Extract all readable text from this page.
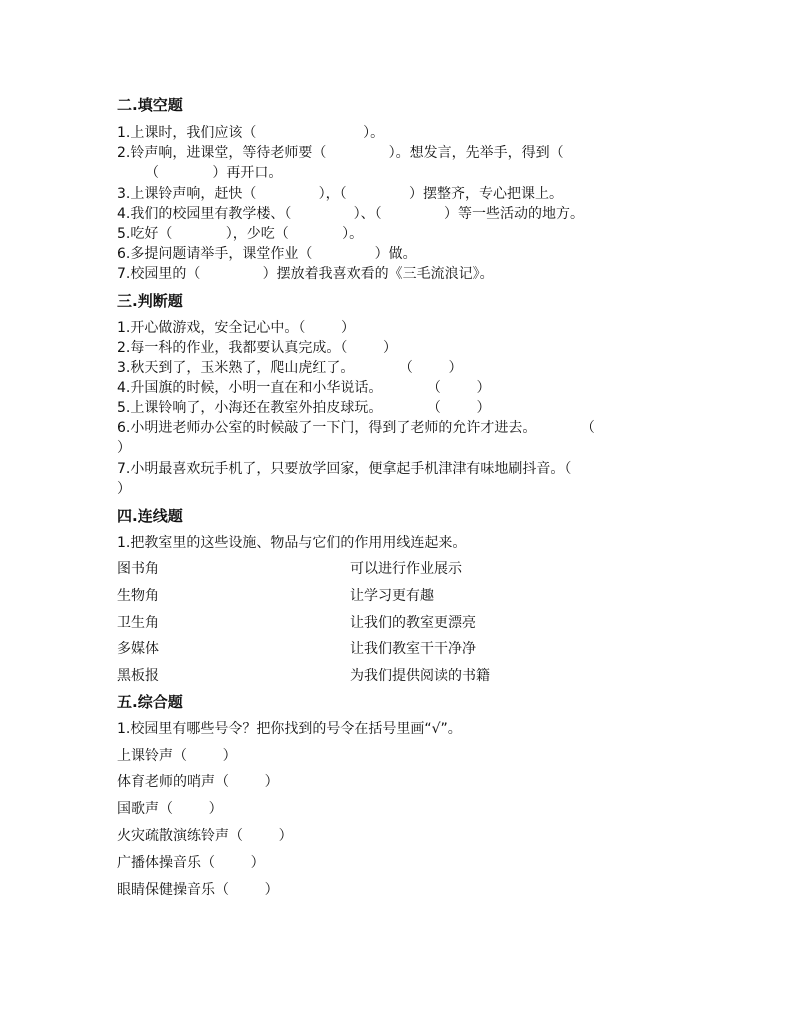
二.填空题
1.上课时，我们应该（                        ）。
2.铃声响，进课堂，等待老师要（              ）。想发言，先举手，得到（
（            ）再开口。
3.上课铃声响，赶快（              ），（              ）摆整齐，专心把课上。
4.我们的校园里有教学楼、（              ）、（              ）等一些活动的地方。
5.吃好（            ），少吃（            ）。
6.多提问题请举手，课堂作业（              ）做。
7.校园里的（              ）摆放着我喜欢看的《三毛流浪记》。
三.判断题
1.开心做游戏，安全记心中。（        ）
2.每一科的作业，我都要认真完成。（        ）
3.秋天到了，玉米熟了，爬山虎红了。          （        ）
4.升国旗的时候，小明一直在和小华说话。          （        ）
5.上课铃响了，小海还在教室外拍皮球玩。          （        ）
6.小明进老师办公室的时候敲了一下门，得到了老师的允许才进去。          （
）
7.小明最喜欢玩手机了，只要放学回家，便拿起手机津津有味地刷抖音。（
）
四.连线题
1.把教室里的这些设施、物品与它们的作用用线连起来。
图书角	可以进行作业展示
生物角	让学习更有趣
卫生角	让我们的教室更漂亮
多媒体	让我们教室干干净净
黑板报	为我们提供阅读的书籍
五.综合题
1.校园里有哪些号令？把你找到的号令在括号里画“√”。
上课铃声（        ）
体育老师的哨声（        ）
国歌声（        ）
火灾疏散演练铃声（        ）
广播体操音乐（        ）
眼睛保健操音乐（        ）
